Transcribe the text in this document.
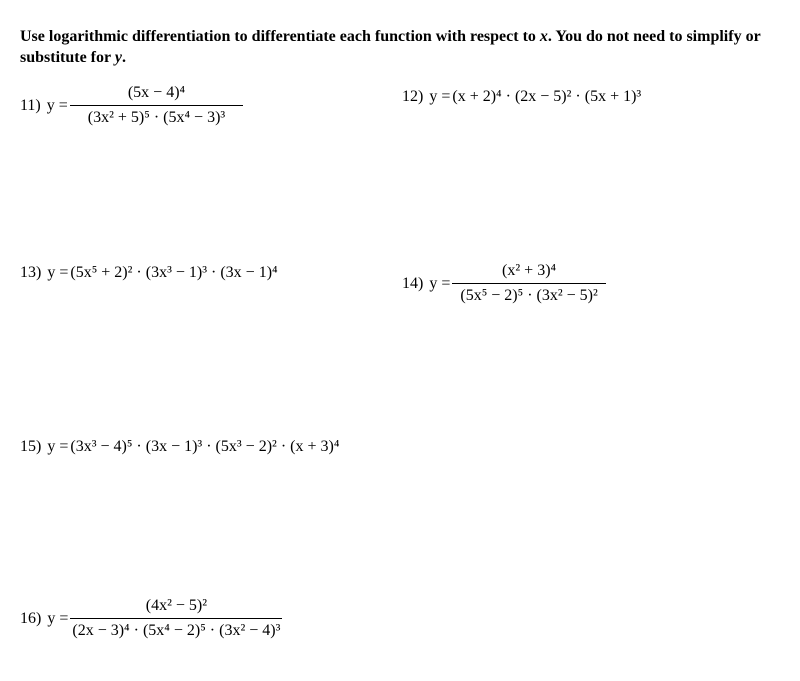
Use logarithmic differentiation to differentiate each function with respect to x. You do not need to simplify or substitute for y.
11) $y = \frac{\text{(5x − 4)⁴}}{\text{(3x² + 5)⁵ · (5x⁴ − 3)³}}$	12) y = (x + 2)⁴ · (2x − 5)² · (5x + 1)³
13) y = (5x⁵ + 2)² · (3x³ − 1)³ · (3x − 1)⁴
14) $y = \frac{\text{(x² + 3)⁴}}{\text{(5x⁵ − 2)⁵ · (3x² − 5)²}}$
15) y = (3x³ − 4)⁵ · (3x − 1)³ · (5x³ − 2)² · (x + 3)⁴
16) $y = \frac{\text{(4x² − 5)²}}{\text{(2x − 3)⁴ · (5x⁴ − 2)⁵ · (3x² − 4)³}}$
